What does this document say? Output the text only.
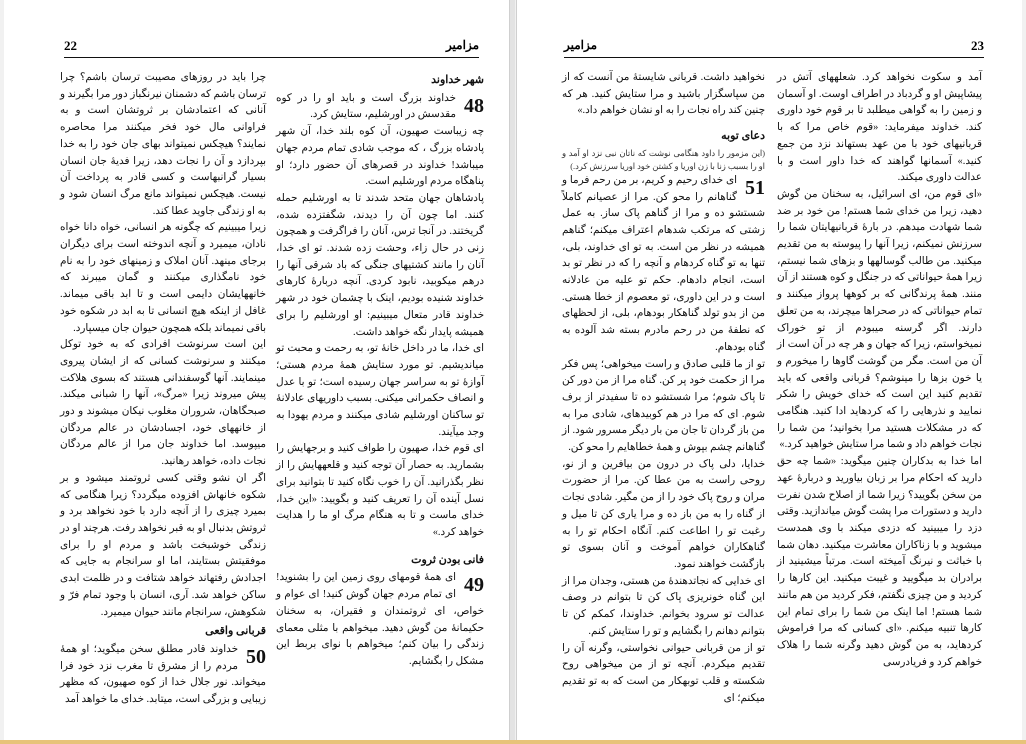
22	مزامیر
شهر خداوند

48
خداوند بزرگ است و باید او را در کوه مقدسش در اورشلیم، ستایش کرد.

چه زیباست صهیون، آن کوه بلند خدا، آن شهر پادشاه بزرگ ، که موجب شادی تمام مردم جهان میباشد! خداوند در قصرهای آن حضور دارد؛ او پناهگاه مردم اورشلیم است.

پادشاهان جهان متحد شدند تا به اورشلیم حمله کنند. اما چون آن را دیدند، شگفتزده شده، گریختند. در آنجا ترس، آنان را فراگرفت و همچون زنی در حال زاء، وحشت زده شدند. تو ای خدا، آنان را مانند کشتیهای جنگی که باد شرقی آنها را درهم میکوبید، نابود کردی. آنچه دربارهٔ کارهای خداوند شنیده بودیم، اینک با چشمان خود در شهر خداوند قادر متعال میبینیم: او اورشلیم را برای همیشه پایدار نگه خواهد داشت.

ای خدا، ما در داخل خانهٔ تو، به رحمت و محبت تو میاندیشیم. تو مورد ستایش همهٔ مردم هستی؛ آوازهٔ تو به سراسر جهان رسیده است؛ تو با عدل و انصاف حکمرانی میکنی. بسبب داوریهای عادلانهٔ تو ساکنان اورشلیم شادی میکنند و مردم یهودا به وجد میآیند.

ای قوم خدا، صهیون را طواف کنید و برجهایش را بشمارید. به حصار آن توجه کنید و قلعههایش را از نظر بگذرانید. آن را خوب نگاه کنید تا بتوانید برای نسل آینده آن را تعریف کنید و بگویید: «این خدا، خدای ماست و تا به هنگام مرگ او ما را هدایت خواهد کرد.»

فانی بودن ثروت

49
ای همهٔ قومهای روی زمین این را بشنوید! ای تمام مردم جهان گوش کنید! ای عوام و خواص، ای ثروتمندان و فقیران، به سخنان حکیمانهٔ من گوش دهید. میخواهم با مثلی معمای زندگی را بیان کنم؛ میخواهم با نوای بربط این مشکل را بگشایم.

چرا باید در روزهای مصیبت ترسان باشم؟ چرا ترسان باشم که دشمنان نیرنگباز دور مرا بگیرند و آنانی که اعتمادشان بر ثروتشان است و به فراوانی مال خود فخر میکنند مرا محاصره نمایند؟ هیچکس نمیتواند بهای جان خود را به خدا بپردازد و آن را نجات دهد، زیرا فدیهٔ جان انسان بسیار گرانبهاست و کسی قادر به پرداخت آن نیست. هیچکس نمیتواند مانع مرگ انسان شود و به او زندگی جاوید عطا کند.

زیرا میبینیم که چگونه هر انسانی، خواه دانا خواه نادان، میمیرد و آنچه اندوخته است برای دیگران برجای مینهد. آنان املاک و زمینهای خود را به نام خود نامگذاری میکنند و گمان میبرند که خانههایشان دایمی است و تا ابد باقی میماند. غافل از اینکه هیچ انسانی تا به ابد در شکوه خود باقی نمیماند بلکه همچون حیوان جان میسپارد.

این است سرنوشت افرادی که به خود توکل میکنند و سرنوشت کسانی که از ایشان پیروی مینمایند. آنها گوسفندانی هستند که بسوی هلاکت پیش میروند زیرا «مرگ»، آنها را شبانی میکند. صبحگاهان، شروران مغلوب نیکان میشوند و دور از خانههای خود، اجسادشان در عالم مردگان میپوسد. اما خداوند جان مرا از عالم مردگان نجات داده، خواهد رهانید.

اگر ان نشو وقتی کسی ثروتمند میشود و بر شکوه خانهاش افزوده میگردد؟ زیرا هنگامی که بمیرد چیزی را از آنچه دارد با خود نخواهد برد و ثروتش بدنبال او به قبر نخواهد رفت. هرچند او در زندگی خوشبخت باشد و مردم او را برای موفقیتش بستایند، اما او سرانجام به جایی که اجدادش رفتهاند خواهد شتافت و در ظلمت ابدی ساکن خواهد شد. آری، انسان با وجود تمام فرّ و شکوهش، سرانجام مانند حیوان میمیرد.

قربانی واقعی

50
خداوند قادر مطلق سخن میگوید؛ او همهٔ مردم را از مشرق تا مغرب نزد خود فرا میخواند. نور جلال خدا از کوه صهیون، که مظهر زیبایی و بزرگی است، میتابد. خدای ما خواهد آمد

مزامیر	23

آمد و سکوت نخواهد کرد. شعلههای آتش در پیشاپیش او و گردباد در اطراف اوست. او آسمان و زمین را به گواهی میطلبد تا بر قوم خود داوری کند. خداوند میفرماید: «قوم خاص مرا که با قربانیهای خود با من عهد بستهاند نزد من جمع کنید.» آسمانها گواهند که خدا داور است و با عدالت داوری میکند.

«ای قوم من، ای اسرائیل، به سخنان من گوش دهید، زیرا من خدای شما هستم! من خود بر ضد شما شهادت میدهم. در بارهٔ قربانیهایتان شما را سرزنش نمیکنم، زیرا آنها را پیوسته به من تقدیم میکنید. من طالب گوسالهها و بزهای شما نیستم، زیرا همهٔ حیواناتی که در جنگل و کوه هستند از آن منند. همهٔ پرندگانی که بر کوهها پرواز میکنند و تمام حیواناتی که در صحراها میچرند، به من تعلق دارند. اگر گرسنه میبودم از تو خوراک نمیخواستم، زیرا که جهان و هر چه در آن است از آن من است. مگر من گوشت گاوها را میخورم و یا خون بزها را مینوشم؟ قربانی واقعی که باید تقدیم کنید این است که خدای خویش را شکر نمایید و نذرهایی را که کردهاید ادا کنید. هنگامی که در مشکلات هستید مرا بخوانید؛ من شما را نجات خواهم داد و شما مرا ستایش خواهید کرد.»

اما خدا به بدکاران چنین میگوید: «شما چه حق دارید که احکام مرا بر زبان بیاورید و دربارهٔ عهد من سخن بگویید؟ زیرا شما از اصلاح شدن نفرت دارید و دستورات مرا پشت گوش میاندازید. وقتی دزد را میبینید که دزدی میکند با وی همدست میشوید و با زناکاران معاشرت میکنید. دهان شما با خباثت و نیرنگ آمیخته است. مرتباً میشینید از برادران بد میگویید و غیبت میکنید. این کارها را کردید و من چیزی نگفتم، فکر کردید من هم مانند شما هستم! اما اینک من شما را برای تمام این کارها تنبیه میکنم. «ای کسانی که مرا فراموش کردهاید، به من گوش دهید وگرنه شما را هلاک خواهم کرد و فریادرسی

نخواهید داشت. قربانی شایستهٔ من آنست که از من سپاسگزار باشید و مرا ستایش کنید. هر که چنین کند راه نجات را به او نشان خواهم داد.»

دعای توبه

(این مزمور را داود هنگامی نوشت که ناتان نبی نزد او آمد و او را بسبب زنا با زن اوریا و کشتن خود اوریا سرزنش کرد.)

51
ای خدای رحیم و کریم، بر من رحم فرما و گناهانم را محو کن. مرا از عصیانم کاملاً شستشو ده و مرا از گناهم پاک ساز. به عمل زشتی که مرتکب شدهام اعتراف میکنم؛ گناهم همیشه در نظر من است. به تو ای خداوند، بلی، تنها به تو گناه کردهام و آنچه را که در نظر تو بد است، انجام دادهام. حکم تو علیه من عادلانه است و در این داوری، تو معصوم از خطا هستی. من از بدو تولد گناهکار بودهام، بلی، از لحظهای که نطفهٔ من در رحم مادرم بسته شد آلوده به گناه بودهام.

تو از ما قلبی صادق و راست میخواهی؛ پس فکر مرا از حکمت خود پر کن. گناه مرا از من دور کن تا پاک شوم؛ مرا شستشو ده تا سفیدتر از برف شوم. ای که مرا در هم کوبیدهای، شادی مرا به من باز گردان تا جان من بار دیگر مسرور شود. از گناهانم چشم بپوش و همهٔ خطاهایم را محو کن.

خدایا، دلی پاک در درون من بیافرین و از نو، روحی راست به من عطا کن. مرا از حضورت مران و روح پاک خود را از من مگیر. شادی نجات از گناه را به من باز ده و مرا یاری کن تا میل و رغبت تو را اطاعت کنم. آنگاه احکام تو را به گناهکاران خواهم آموخت و آنان بسوی تو بازگشت خواهند نمود.

ای خدایی که نجاتدهندهٔ من هستی، وجدان مرا از این گناه خونریزی پاک کن تا بتوانم در وصف عدالت تو سرود بخوانم. خداوندا، کمکم کن تا بتوانم دهانم را بگشایم و تو را ستایش کنم.

تو از من قربانی حیوانی نخواستی، وگرنه آن را تقدیم میکردم. آنچه تو از من میخواهی روح شکسته و قلب توبهکار من است که به تو تقدیم میکنم؛ ای
